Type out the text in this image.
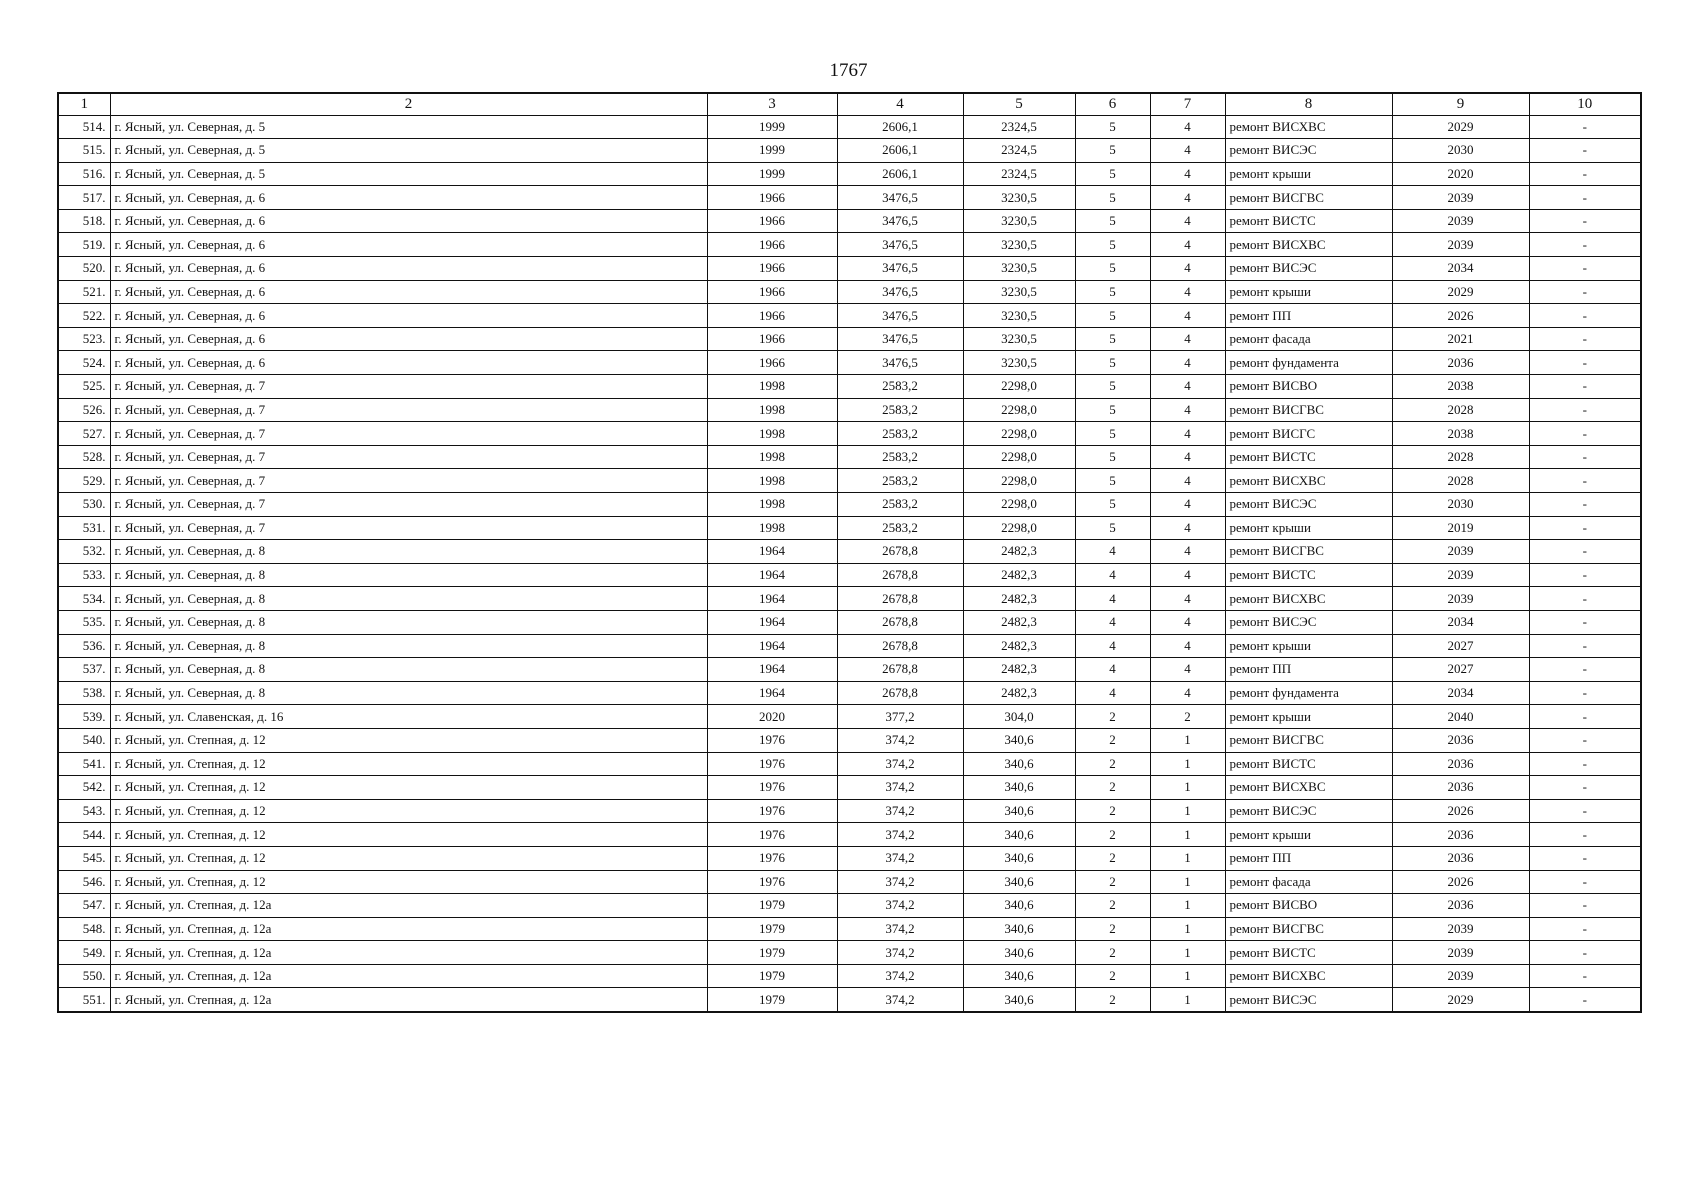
1767
1	2	3	4	5	6	7	8	9	10
514.	г. Ясный, ул. Северная, д. 5	1999	2606,1	2324,5	5	4	ремонт ВИСХВС	2029	-
515.	г. Ясный, ул. Северная, д. 5	1999	2606,1	2324,5	5	4	ремонт ВИСЭС	2030	-
516.	г. Ясный, ул. Северная, д. 5	1999	2606,1	2324,5	5	4	ремонт крыши	2020	-
517.	г. Ясный, ул. Северная, д. 6	1966	3476,5	3230,5	5	4	ремонт ВИСГВС	2039	-
518.	г. Ясный, ул. Северная, д. 6	1966	3476,5	3230,5	5	4	ремонт ВИСТС	2039	-
519.	г. Ясный, ул. Северная, д. 6	1966	3476,5	3230,5	5	4	ремонт ВИСХВС	2039	-
520.	г. Ясный, ул. Северная, д. 6	1966	3476,5	3230,5	5	4	ремонт ВИСЭС	2034	-
521.	г. Ясный, ул. Северная, д. 6	1966	3476,5	3230,5	5	4	ремонт крыши	2029	-
522.	г. Ясный, ул. Северная, д. 6	1966	3476,5	3230,5	5	4	ремонт ПП	2026	-
523.	г. Ясный, ул. Северная, д. 6	1966	3476,5	3230,5	5	4	ремонт фасада	2021	-
524.	г. Ясный, ул. Северная, д. 6	1966	3476,5	3230,5	5	4	ремонт фундамента	2036	-
525.	г. Ясный, ул. Северная, д. 7	1998	2583,2	2298,0	5	4	ремонт ВИСВО	2038	-
526.	г. Ясный, ул. Северная, д. 7	1998	2583,2	2298,0	5	4	ремонт ВИСГВС	2028	-
527.	г. Ясный, ул. Северная, д. 7	1998	2583,2	2298,0	5	4	ремонт ВИСГС	2038	-
528.	г. Ясный, ул. Северная, д. 7	1998	2583,2	2298,0	5	4	ремонт ВИСТС	2028	-
529.	г. Ясный, ул. Северная, д. 7	1998	2583,2	2298,0	5	4	ремонт ВИСХВС	2028	-
530.	г. Ясный, ул. Северная, д. 7	1998	2583,2	2298,0	5	4	ремонт ВИСЭС	2030	-
531.	г. Ясный, ул. Северная, д. 7	1998	2583,2	2298,0	5	4	ремонт крыши	2019	-
532.	г. Ясный, ул. Северная, д. 8	1964	2678,8	2482,3	4	4	ремонт ВИСГВС	2039	-
533.	г. Ясный, ул. Северная, д. 8	1964	2678,8	2482,3	4	4	ремонт ВИСТС	2039	-
534.	г. Ясный, ул. Северная, д. 8	1964	2678,8	2482,3	4	4	ремонт ВИСХВС	2039	-
535.	г. Ясный, ул. Северная, д. 8	1964	2678,8	2482,3	4	4	ремонт ВИСЭС	2034	-
536.	г. Ясный, ул. Северная, д. 8	1964	2678,8	2482,3	4	4	ремонт крыши	2027	-
537.	г. Ясный, ул. Северная, д. 8	1964	2678,8	2482,3	4	4	ремонт ПП	2027	-
538.	г. Ясный, ул. Северная, д. 8	1964	2678,8	2482,3	4	4	ремонт фундамента	2034	-
539.	г. Ясный, ул. Славенская, д. 16	2020	377,2	304,0	2	2	ремонт крыши	2040	-
540.	г. Ясный, ул. Степная, д. 12	1976	374,2	340,6	2	1	ремонт ВИСГВС	2036	-
541.	г. Ясный, ул. Степная, д. 12	1976	374,2	340,6	2	1	ремонт ВИСТС	2036	-
542.	г. Ясный, ул. Степная, д. 12	1976	374,2	340,6	2	1	ремонт ВИСХВС	2036	-
543.	г. Ясный, ул. Степная, д. 12	1976	374,2	340,6	2	1	ремонт ВИСЭС	2026	-
544.	г. Ясный, ул. Степная, д. 12	1976	374,2	340,6	2	1	ремонт крыши	2036	-
545.	г. Ясный, ул. Степная, д. 12	1976	374,2	340,6	2	1	ремонт ПП	2036	-
546.	г. Ясный, ул. Степная, д. 12	1976	374,2	340,6	2	1	ремонт фасада	2026	-
547.	г. Ясный, ул. Степная, д. 12а	1979	374,2	340,6	2	1	ремонт ВИСВО	2036	-
548.	г. Ясный, ул. Степная, д. 12а	1979	374,2	340,6	2	1	ремонт ВИСГВС	2039	-
549.	г. Ясный, ул. Степная, д. 12а	1979	374,2	340,6	2	1	ремонт ВИСТС	2039	-
550.	г. Ясный, ул. Степная, д. 12а	1979	374,2	340,6	2	1	ремонт ВИСХВС	2039	-
551.	г. Ясный, ул. Степная, д. 12а	1979	374,2	340,6	2	1	ремонт ВИСЭС	2029	-
